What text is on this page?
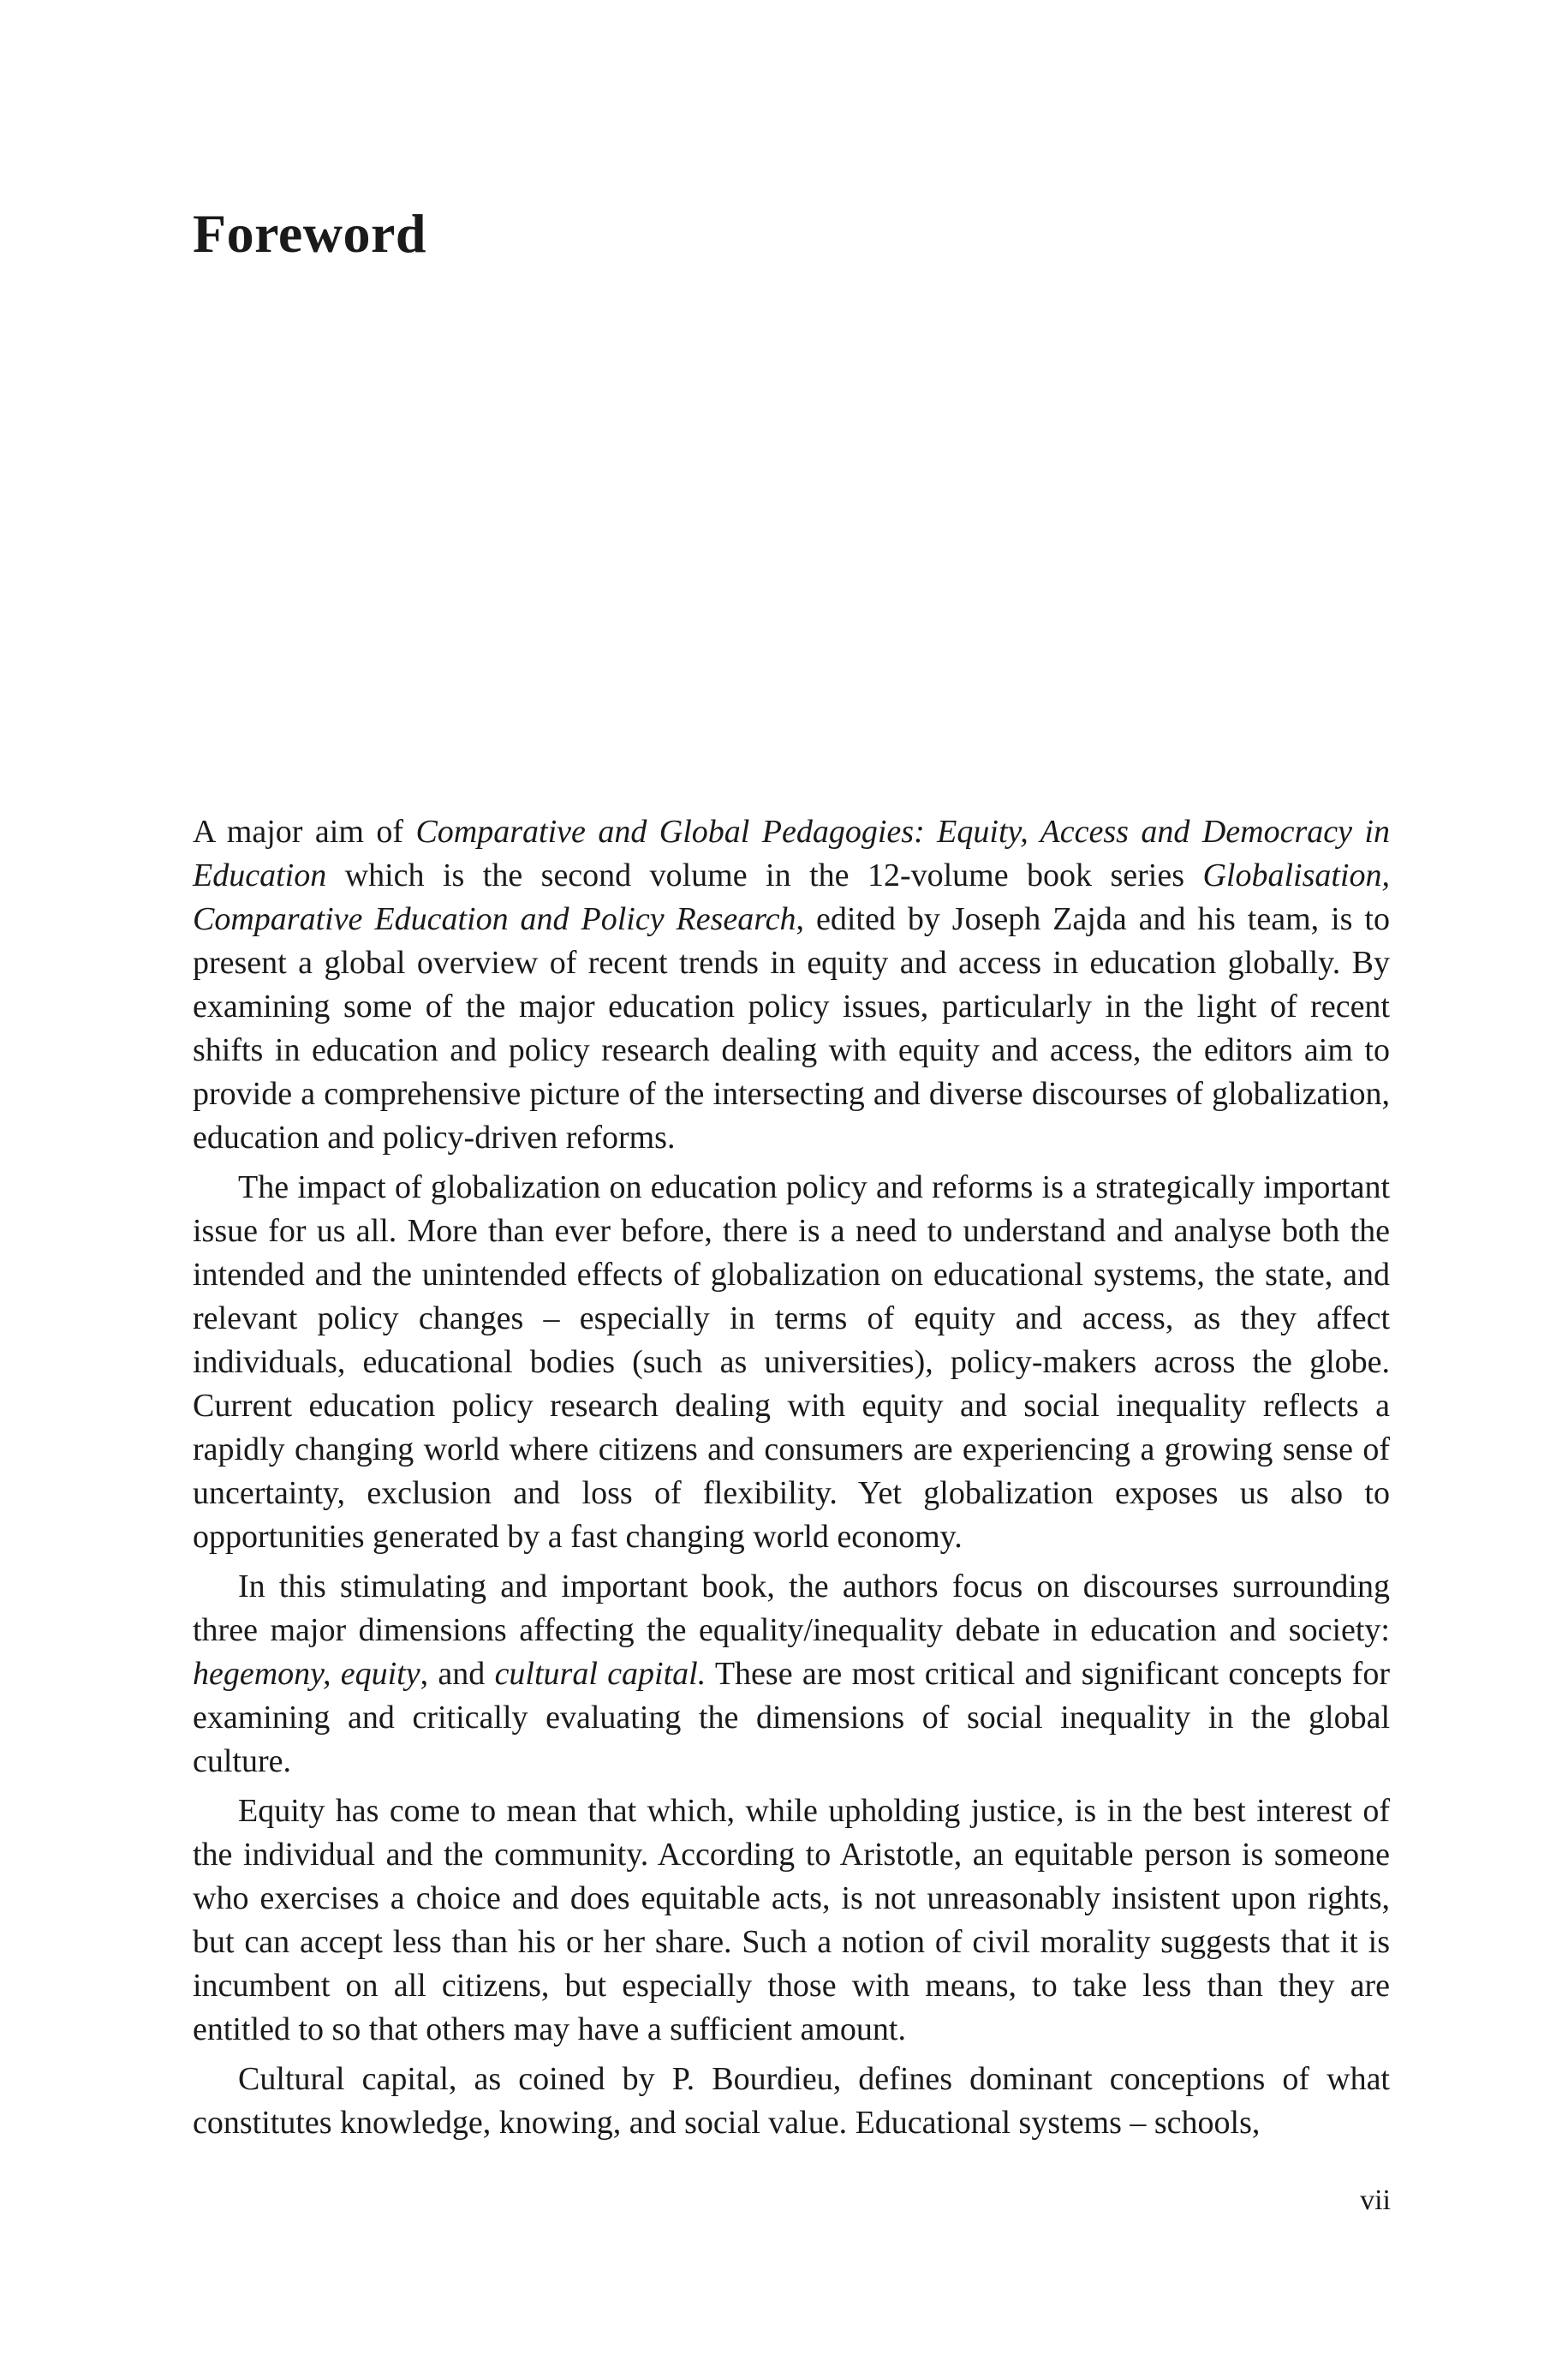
Foreword

A major aim of Comparative and Global Pedagogies: Equity, Access and Democracy in Education which is the second volume in the 12-volume book series Globalisation, Comparative Education and Policy Research, edited by Joseph Zajda and his team, is to present a global overview of recent trends in equity and access in education globally. By examining some of the major education policy issues, particularly in the light of recent shifts in education and policy research dealing with equity and access, the editors aim to provide a comprehensive picture of the intersecting and diverse discourses of globalization, education and policy-driven reforms.

The impact of globalization on education policy and reforms is a strategically important issue for us all. More than ever before, there is a need to understand and analyse both the intended and the unintended effects of globalization on educational systems, the state, and relevant policy changes – especially in terms of equity and access, as they affect individuals, educational bodies (such as universities), policy-makers across the globe. Current education policy research dealing with equity and social inequality reflects a rapidly changing world where citizens and consumers are experiencing a growing sense of uncertainty, exclusion and loss of flexibility. Yet globalization exposes us also to opportunities generated by a fast changing world economy.

In this stimulating and important book, the authors focus on discourses surrounding three major dimensions affecting the equality/inequality debate in education and society: hegemony, equity, and cultural capital. These are most critical and significant concepts for examining and critically evaluating the dimensions of social inequality in the global culture.

Equity has come to mean that which, while upholding justice, is in the best interest of the individual and the community. According to Aristotle, an equitable person is someone who exercises a choice and does equitable acts, is not unreasonably insistent upon rights, but can accept less than his or her share. Such a notion of civil morality suggests that it is incumbent on all citizens, but especially those with means, to take less than they are entitled to so that others may have a sufficient amount.

Cultural capital, as coined by P. Bourdieu, defines dominant conceptions of what constitutes knowledge, knowing, and social value. Educational systems – schools,

vii
